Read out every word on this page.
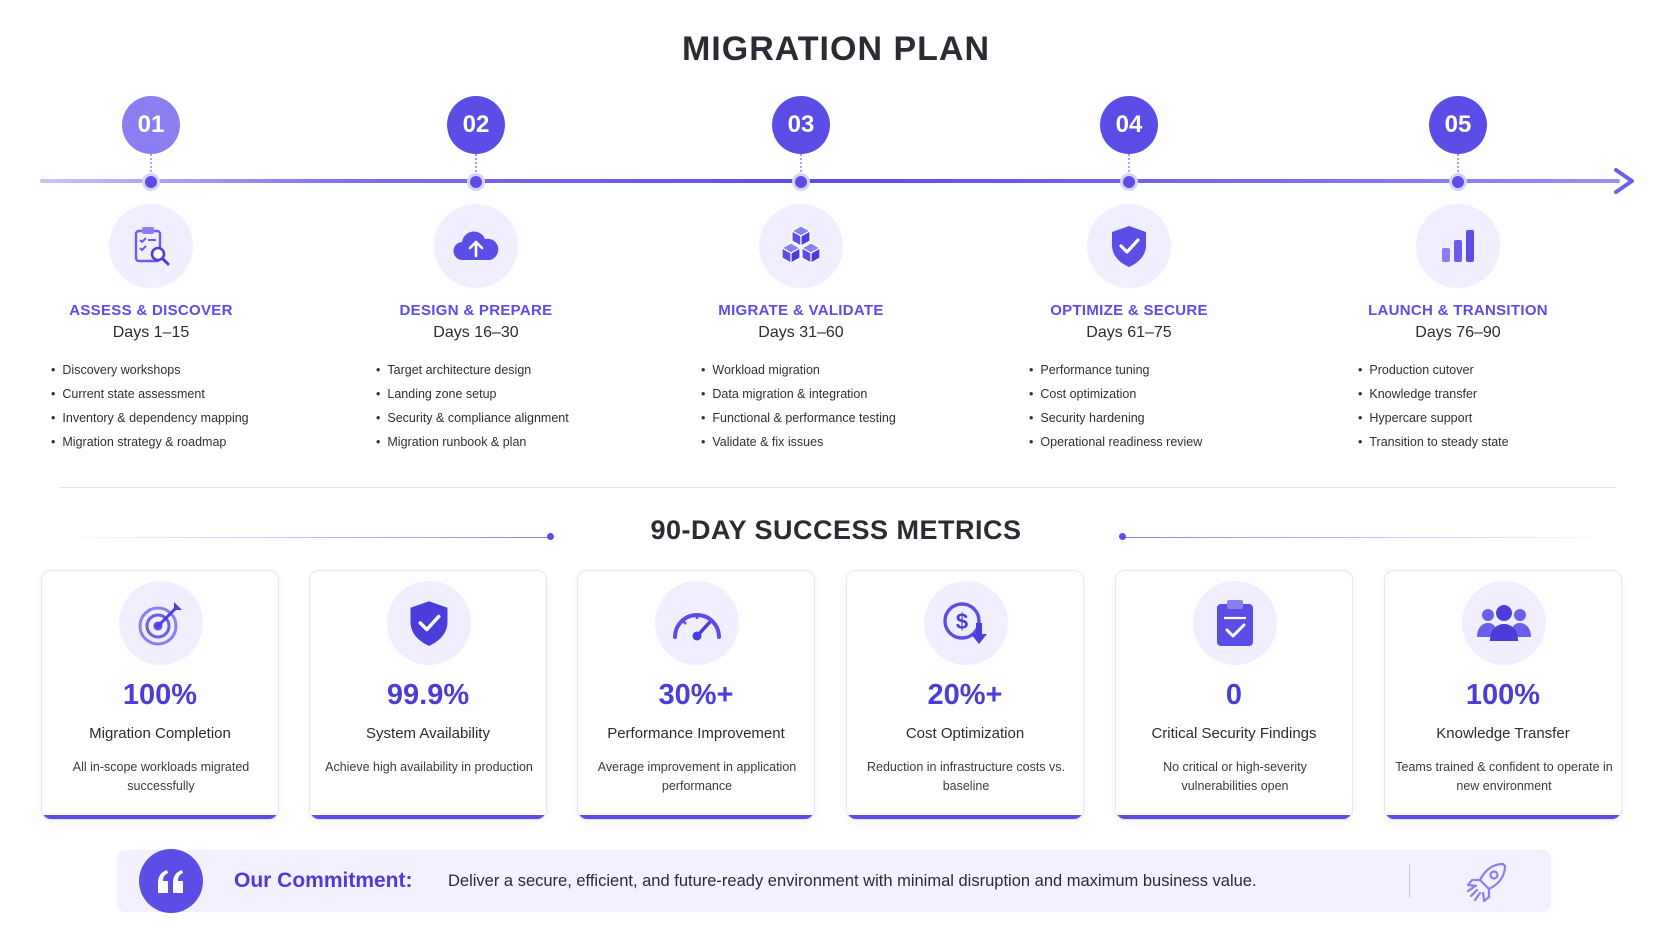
MIGRATION PLAN
01
ASSESS & DISCOVER
Days 1–15
• Discovery workshops
• Current state assessment
• Inventory & dependency mapping
• Migration strategy & roadmap
02
DESIGN & PREPARE
Days 16–30
• Target architecture design
• Landing zone setup
• Security & compliance alignment
• Migration runbook & plan
03
MIGRATE & VALIDATE
Days 31–60
• Workload migration
• Data migration & integration
• Functional & performance testing
• Validate & fix issues
04
OPTIMIZE & SECURE
Days 61–75
• Performance tuning
• Cost optimization
• Security hardening
• Operational readiness review
05
LAUNCH & TRANSITION
Days 76–90
• Production cutover
• Knowledge transfer
• Hypercare support
• Transition to steady state
90-DAY SUCCESS METRICS
100%
Migration Completion
All in-scope workloads migrated successfully
99.9%
System Availability
Achieve high availability in production
30%+
Performance Improvement
Average improvement in application performance
$
20%+
Cost Optimization
Reduction in infrastructure costs vs. baseline
0
Critical Security Findings
No critical or high-severity vulnerabilities open
100%
Knowledge Transfer
Teams trained & confident to operate in new environment
Our Commitment: Deliver a secure, efficient, and future-ready environment with minimal disruption and maximum business value.
